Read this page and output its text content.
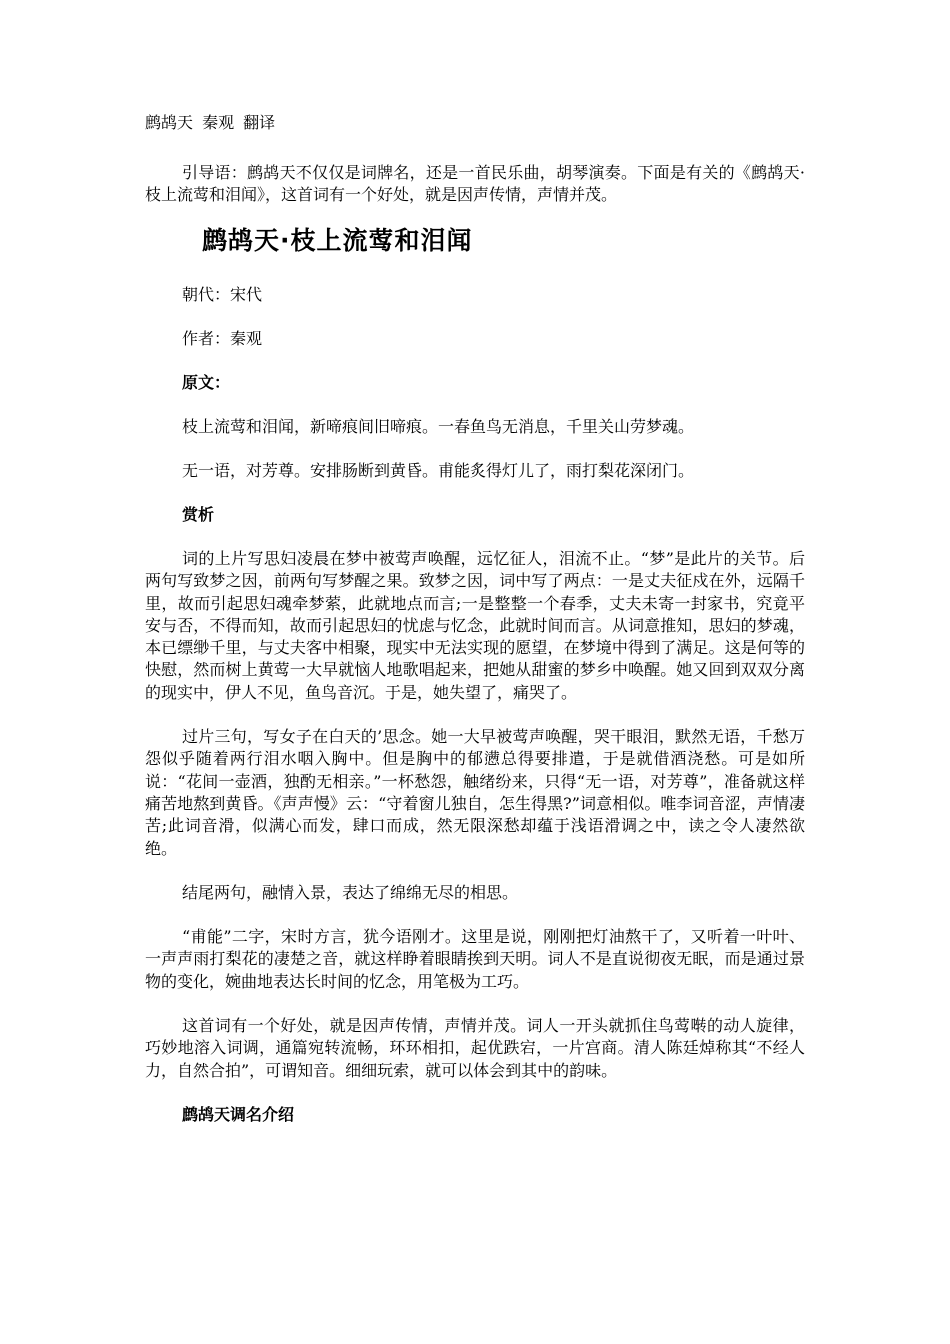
鹧鸪天 秦观 翻译

引导语：鹧鸪天不仅仅是词牌名，还是一首民乐曲，胡琴演奏。下面是有关的《鹧鸪天·枝上流莺和泪闻》，这首词有一个好处，就是因声传情，声情并茂。

鹧鸪天·枝上流莺和泪闻
朝代：宋代
作者：秦观
原文：
枝上流莺和泪闻，新啼痕间旧啼痕。一春鱼鸟无消息，千里关山劳梦魂。
无一语，对芳尊。安排肠断到黄昏。甫能炙得灯儿了，雨打梨花深闭门。
赏析

词的上片写思妇凌晨在梦中被莺声唤醒，远忆征人，泪流不止。“梦”是此片的关节。后两句写致梦之因，前两句写梦醒之果。致梦之因，词中写了两点：一是丈夫征戍在外，远隔千里，故而引起思妇魂牵梦萦，此就地点而言;一是整整一个春季，丈夫未寄一封家书，究竟平安与否，不得而知，故而引起思妇的忧虑与忆念，此就时间而言。从词意推知，思妇的梦魂，本已缥缈千里，与丈夫客中相聚，现实中无法实现的愿望，在梦境中得到了满足。这是何等的快慰，然而树上黄莺一大早就恼人地歌唱起来，把她从甜蜜的梦乡中唤醒。她又回到双双分离的现实中，伊人不见，鱼鸟音沉。于是，她失望了，痛哭了。

过片三句，写女子在白天的’思念。她一大早被莺声唤醒，哭干眼泪，默然无语，千愁万怨似乎随着两行泪水咽入胸中。但是胸中的郁懑总得要排遣，于是就借酒浇愁。可是如所说：“花间一壶酒，独酌无相亲。”一杯愁怨，触绪纷来，只得“无一语，对芳尊”，准备就这样痛苦地熬到黄昏。《声声慢》云：“守着窗儿独自，怎生得黑?”词意相似。唯李词音涩，声情凄苦;此词音滑，似满心而发，肆口而成，然无限深愁却蕴于浅语滑调之中，读之令人凄然欲绝。

结尾两句，融情入景，表达了绵绵无尽的相思。

“甫能”二字，宋时方言，犹今语刚才。这里是说，刚刚把灯油熬干了，又听着一叶叶、一声声雨打梨花的凄楚之音，就这样睁着眼睛挨到天明。词人不是直说彻夜无眠，而是通过景物的变化，婉曲地表达长时间的忆念，用笔极为工巧。

这首词有一个好处，就是因声传情，声情并茂。词人一开头就抓住鸟莺啭的动人旋律，巧妙地溶入词调，通篇宛转流畅，环环相扣，起优跌宕，一片宫商。清人陈廷焯称其“不经人力，自然合拍”，可谓知音。细细玩索，就可以体会到其中的韵味。

鹧鸪天调名介绍
